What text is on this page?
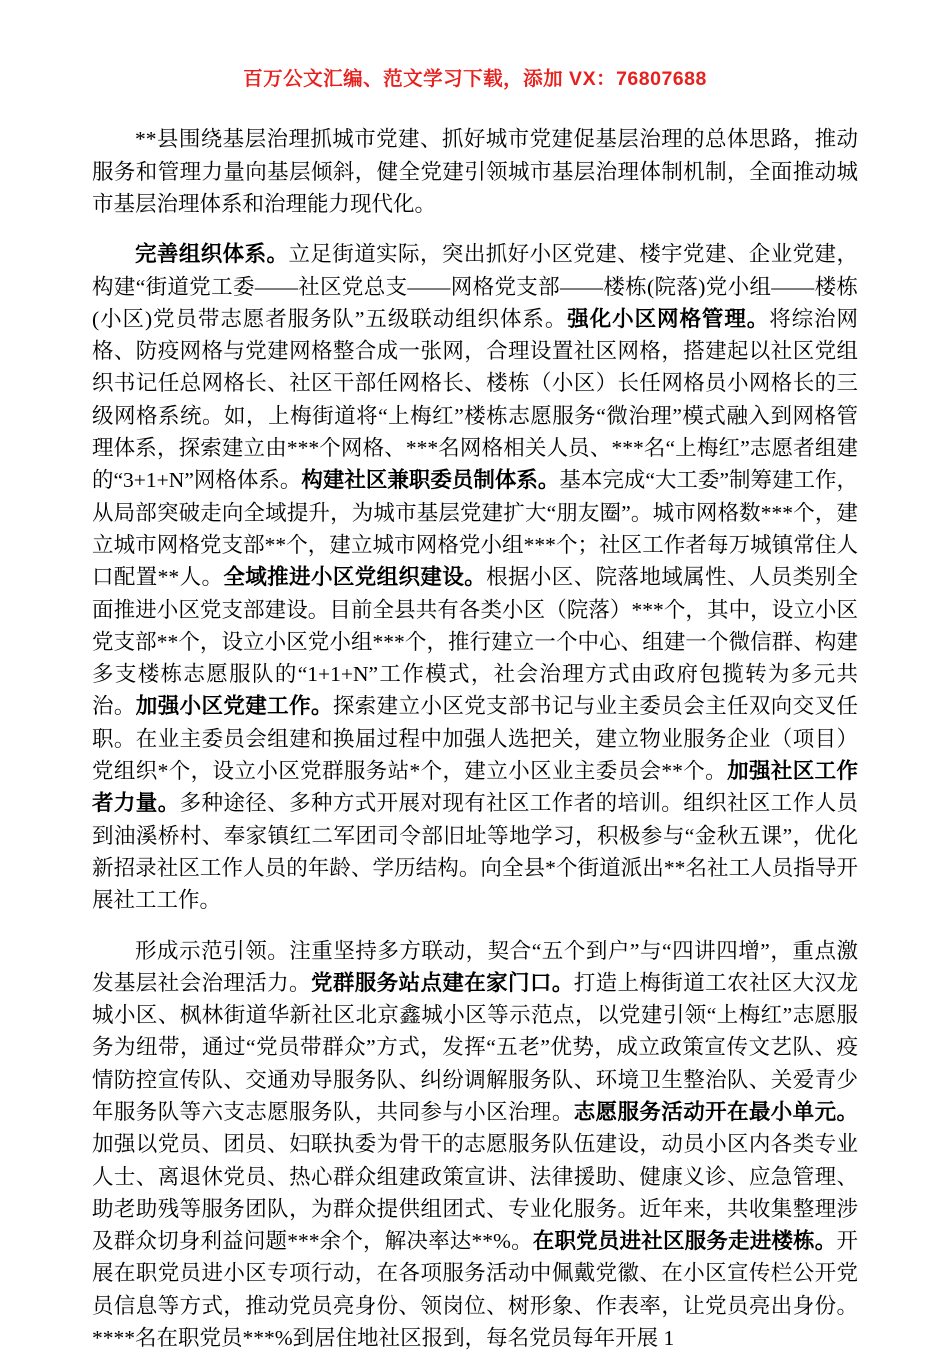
百万公文汇编、范文学习下载，添加 VX：76807688

**县围绕基层治理抓城市党建、抓好城市党建促基层治理的总体思路，推动服务和管理力量向基层倾斜，健全党建引领城市基层治理体制机制，全面推动城市基层治理体系和治理能力现代化。

完善组织体系。立足街道实际，突出抓好小区党建、楼宇党建、企业党建，构建“街道党工委——社区党总支——网格党支部——楼栋(院落)党小组——楼栋(小区)党员带志愿者服务队”五级联动组织体系。强化小区网格管理。将综治网格、防疫网格与党建网格整合成一张网，合理设置社区网格，搭建起以社区党组织书记任总网格长、社区干部任网格长、楼栋（小区）长任网格员小网格长的三级网格系统。如，上梅街道将“上梅红”楼栋志愿服务“微治理”模式融入到网格管理体系，探索建立由***个网格、***名网格相关人员、***名“上梅红”志愿者组建的“3+1+N”网格体系。构建社区兼职委员制体系。基本完成“大工委”制筹建工作，从局部突破走向全域提升，为城市基层党建扩大“朋友圈”。城市网格数***个，建立城市网格党支部**个，建立城市网格党小组***个；社区工作者每万城镇常住人口配置**人。全域推进小区党组织建设。根据小区、院落地域属性、人员类别全面推进小区党支部建设。目前全县共有各类小区（院落）***个，其中，设立小区党支部**个，设立小区党小组***个，推行建立一个中心、组建一个微信群、构建多支楼栋志愿服队的“1+1+N”工作模式，社会治理方式由政府包揽转为多元共治。加强小区党建工作。探索建立小区党支部书记与业主委员会主任双向交叉任职。在业主委员会组建和换届过程中加强人选把关，建立物业服务企业（项目）党组织*个，设立小区党群服务站*个，建立小区业主委员会**个。加强社区工作者力量。多种途径、多种方式开展对现有社区工作者的培训。组织社区工作人员到油溪桥村、奉家镇红二军团司令部旧址等地学习，积极参与“金秋五课”，优化新招录社区工作人员的年龄、学历结构。向全县*个街道派出**名社工人员指导开展社工工作。

形成示范引领。注重坚持多方联动，契合“五个到户”与“四讲四增”，重点激发基层社会治理活力。党群服务站点建在家门口。打造上梅街道工农社区大汉龙城小区、枫林街道华新社区北京鑫城小区等示范点，以党建引领“上梅红”志愿服务为纽带，通过“党员带群众”方式，发挥“五老”优势，成立政策宣传文艺队、疫情防控宣传队、交通劝导服务队、纠纷调解服务队、环境卫生整治队、关爱青少年服务队等六支志愿服务队，共同参与小区治理。志愿服务活动开在最小单元。加强以党员、团员、妇联执委为骨干的志愿服务队伍建设，动员小区内各类专业人士、离退休党员、热心群众组建政策宣讲、法律援助、健康义诊、应急管理、助老助残等服务团队，为群众提供组团式、专业化服务。近年来，共收集整理涉及群众切身利益问题***余个，解决率达**%。在职党员进社区服务走进楼栋。开展在职党员进小区专项行动，在各项服务活动中佩戴党徽、在小区宣传栏公开党员信息等方式，推动党员亮身份、领岗位、树形象、作表率，让党员亮出身份。****名在职党员***%到居住地社区报到，每名党员每年开展 1
